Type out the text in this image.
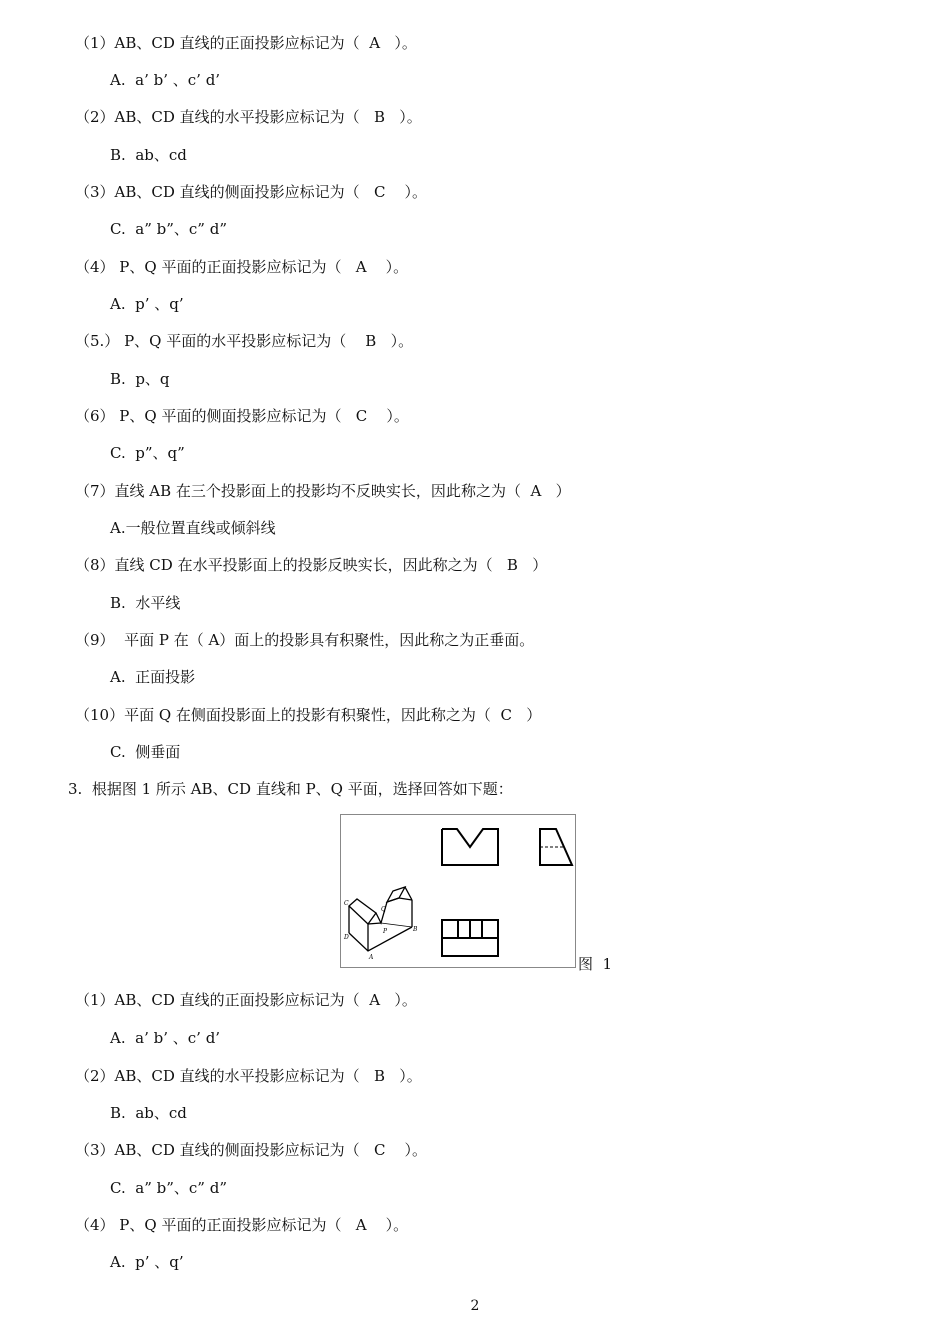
（1）AB、CD 直线的正面投影应标记为（  A   ）。
A.  a’ b’ 、c’ d’
（2）AB、CD 直线的水平投影应标记为（   B   ）。
B.  ab、cd
（3）AB、CD 直线的侧面投影应标记为（   C    ）。
C.  a” b”、c” d”
（4） P、Q 平面的正面投影应标记为（   A    ）。
A.  p’ 、q’
（5.） P、Q 平面的水平投影应标记为（    B   ）。
B.  p、q
（6） P、Q 平面的侧面投影应标记为（   C    ）。
C.  p”、q”
（7）直线 AB 在三个投影面上的投影均不反映实长，因此称之为（  A   ）
A.一般位置直线或倾斜线
（8）直线 CD 在水平投影面上的投影反映实长，因此称之为（   B   ）
B.  水平线
（9）  平面 P 在（ A）面上的投影具有积聚性，因此称之为正垂面。
A.  正面投影
（10）平面 Q 在侧面投影面上的投影有积聚性，因此称之为（  C   ）
C.  侧垂面
3.  根据图 1 所示 AB、CD 直线和 P、Q 平面，选择回答如下题：
C
D
Q
P
A
B
图  1
（1）AB、CD 直线的正面投影应标记为（  A   ）。
A.  a’ b’ 、c’ d’
（2）AB、CD 直线的水平投影应标记为（   B   ）。
B.  ab、cd
（3）AB、CD 直线的侧面投影应标记为（   C    ）。
C.  a” b”、c” d”
（4） P、Q 平面的正面投影应标记为（   A    ）。
A.  p’ 、q’
2
